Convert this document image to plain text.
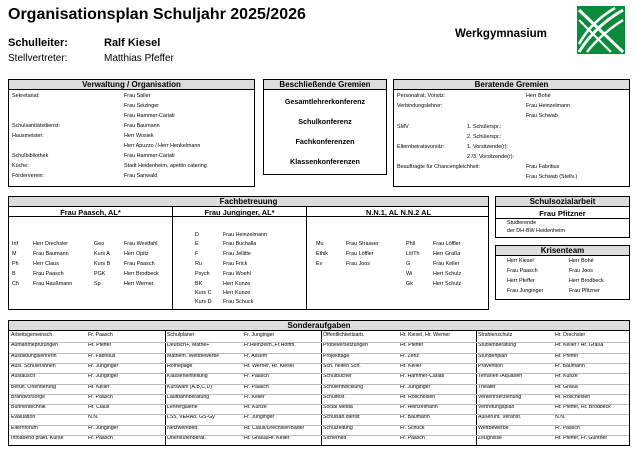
Organisationsplan Schuljahr 2025/2026
Schulleiter:	Ralf Kiesel
Stellvertreter:	Matthias Pfeffer
Werkgymnasium
Verwaltung / Organisation
Sekretariat:	Frau Sailer
Frau Seizinger
Frau Hammer-Cariati
Schulsanitätsdienst:	Frau Baumann
Hausmeister:	Herr Wosiek
Herr Apuzzo / Herr Henkelmann
Schulbibliothek	Frau Hammer-Cariati
Küche:	Stadt Heidenheim, apetito catering
Förderverein:	Frau Sanwald
Beschließende Gremien
Gesamtlehrerkonferenz
Schulkonferenz
Fachkonferenzen
Klassenkonferenzen
Beratende Gremien
Personalrat, Vorsitz:	Herr Bohé
Verbindungslehrer:	Frau Heinzelmann
Frau Schwab
SMV	1. Schülerspr.:
2. Schülerspr.:
Elternbeiratsvorsitz:	1. Vorsitzende(r):
2./3. Vorsitzende(r):
Beauftragte für Chancengleichheit:	Frau Fabritius
Frau Schwab (Stellv.)
Fachbetreuung
Frau Paasch, AL*	Frau Junginger, AL*	N.N.1, AL N.N.2 AL
Inf	Herr Drechsler	Geo	Frau Westfahl
M	Frau Baumann	Kurs A	Herr Opitz
Ph	Herr Claus	Kurs B	Frau Paasch
B	Frau Paasch	PGK	Herr Brodbeck
Ch	Frau Haußmann	Sp	Herr Werner
D	Frau Heinzelmann
E	Frau Buchalla
F	Frau Jellitte
Ru	Frau Frick
Psych Frau Woehl
BK	Herr Kunze
Kurs C Herr Kunze
Kurs D Frau Schuck
Mu	Frau Strasser	Phil	Frau Löffler
Ethik	Frau Löffler	Lit/Th	Herr Graßa
Ev	Frau Joos	G	Frau Keller
Wi	Herr Schulz
Gk	Herr Schulz
Schulsozialarbeit
Frau Pfitzner
Studierende
der DH-BW Heidenheim
Krisenteam
Herr Kiesel	Herr Bohé
Frau Paasch	Frau Joos
Herr Pfeffer	Herr Brodbeck
Frau Junginger	Frau Pfitzner
Sonderaufgaben
Arbeitsgemeinsch.	Fr. Paasch
Aufnahmeprüfungen	Hr. Pfeffer
Ausbildungslehrerin	Fr. Fabritius
Ausl. Schüler/innen	Fr. Junginger
Austausch	Fr. Junginger
Berufl. Orientierung	Hr. Keller
Brandvorsorge	Fr. Paasch
Bühnentechnik	Hr. Claus
Evaluation	N.N.
Elternforum	Fr. Junginger
Infoabend prakt. Kurse	Fr. Paasch
Schulplaner	Fr. Junginger
Deutsch+, Mathe+	Fr.Heinzelm.,Fr.Hoffm.
Mathem. Wettbewerbe	Fr. Assem
Homepage	Hr. Werner, Hr. Kiesel
Klasseneinteilung	Fr. Paasch
Kurswahl (A,B,C,D)	Fr. Paasch
Laufbahnberatung	Fr. Keller
Lehrergalerie	Hr. Kunze
LS5, VERA8, GS-Gy	Fr. Junginger
Netzwerkbetr.	Hr. Claus/Drechsler/Bader
Oberstufenberat.	Hr. Graßa/Hr. Keller
Öffentlichkeitsarb.	Hr. Kiesel, Hr. Werner
Probeversetzungen	Hr. Pfeffer
Projekttage	Fr. Zenz
Sch. helfen Sch.	Hr. Keller
Schulbücher	Fr. Hammer-Cariati
Schulentwicklung	Fr. Junginger
Schulfest	Hr. Röscheisen
Social Media	Fr. Heinzelmann
Schulsan.dienst	Fr. Baumann
Schulzeitung	Fr. Schuck
Sicherheit	Fr. Paasch
Strahlenschutz	Hr. Drechsler
Studienberatung	Hr. Keller / Hr. Graßa
Stundenplan	Hr. Pfeffer
Prävention	Fr. Baumann
Terrarien /Aquarien	Hr. Kunze
Theater	Hr. Graßa
Verkehrserziehung	Hr. Röscheisen
Vertretungsplan	Hr. Pfeffer, Hr. Brodbeck
Außerunt. Veranst.	N.N.
Wettbewerbe	Fr. Paasch
Zeugnisse	Hr. Pfeffer, Fr. Günther
